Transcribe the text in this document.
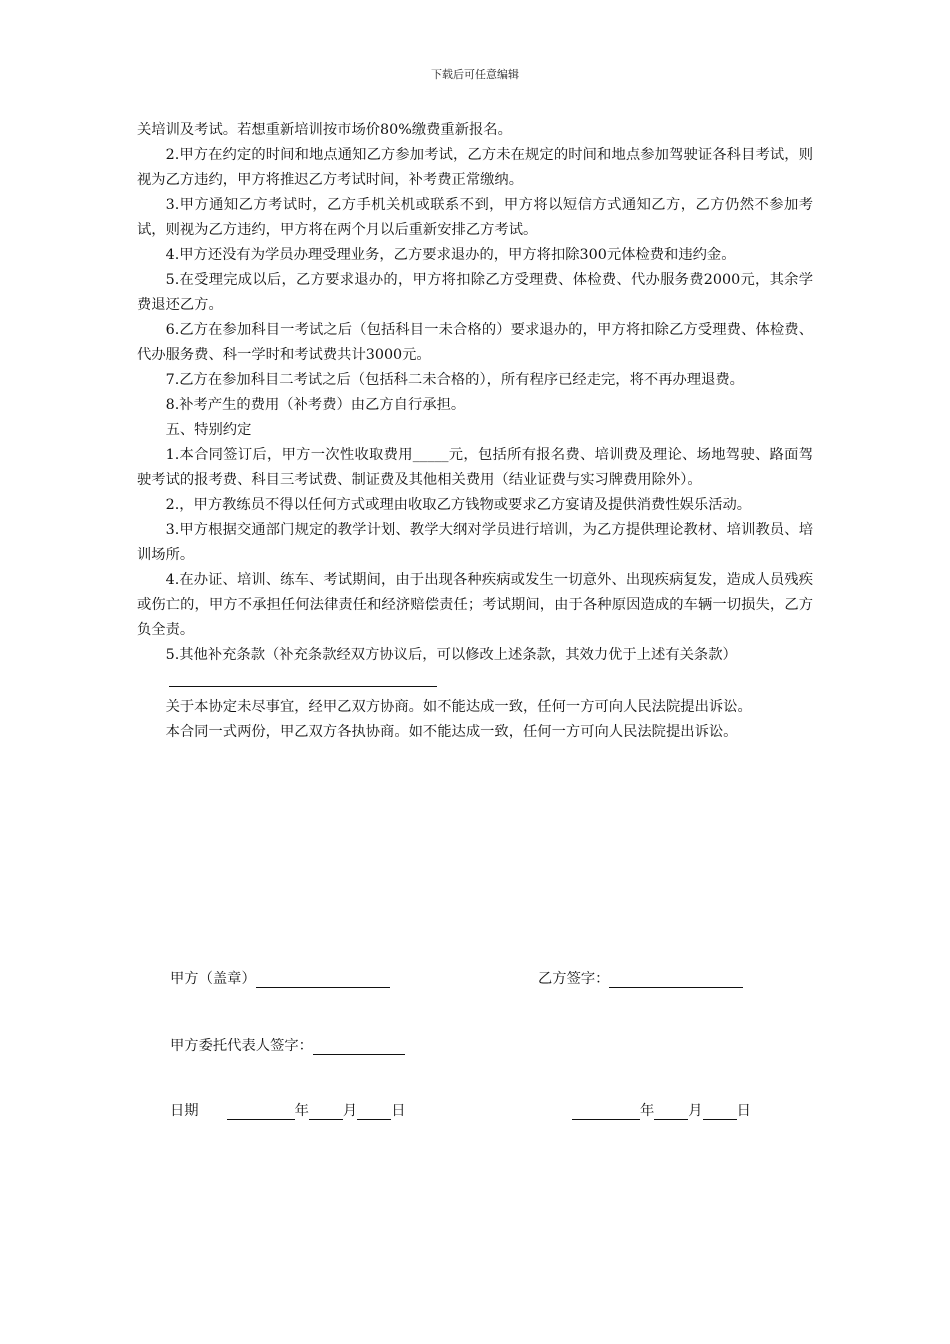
下载后可任意编辑

关培训及考试。若想重新培训按市场价80%缴费重新报名。

2.甲方在约定的时间和地点通知乙方参加考试，乙方未在规定的时间和地点参加驾驶证各科目考试，则视为乙方违约，甲方将推迟乙方考试时间，补考费正常缴纳。

3.甲方通知乙方考试时，乙方手机关机或联系不到，甲方将以短信方式通知乙方，乙方仍然不参加考试，则视为乙方违约，甲方将在两个月以后重新安排乙方考试。

4.甲方还没有为学员办理受理业务，乙方要求退办的，甲方将扣除300元体检费和违约金。

5.在受理完成以后，乙方要求退办的，甲方将扣除乙方受理费、体检费、代办服务费2000元，其余学费退还乙方。

6.乙方在参加科目一考试之后（包括科目一未合格的）要求退办的，甲方将扣除乙方受理费、体检费、代办服务费、科一学时和考试费共计3000元。

7.乙方在参加科目二考试之后（包括科二未合格的），所有程序已经走完，将不再办理退费。

8.补考产生的费用（补考费）由乙方自行承担。

五、特别约定

1.本合同签订后，甲方一次性收取费用_____元，包括所有报名费、培训费及理论、场地驾驶、路面驾驶考试的报考费、科目三考试费、制证费及其他相关费用（结业证费与实习牌费用除外）。

2.，甲方教练员不得以任何方式或理由收取乙方钱物或要求乙方宴请及提供消费性娱乐活动。

3.甲方根据交通部门规定的教学计划、教学大纲对学员进行培训，为乙方提供理论教材、培训教员、培训场所。

4.在办证、培训、练车、考试期间，由于出现各种疾病或发生一切意外、出现疾病复发，造成人员残疾或伤亡的，甲方不承担任何法律责任和经济赔偿责任；考试期间，由于各种原因造成的车辆一切损失，乙方负全责。

5.其他补充条款（补充条款经双方协议后，可以修改上述条款，其效力优于上述有关条款）

关于本协定未尽事宜，经甲乙双方协商。如不能达成一致，任何一方可向人民法院提出诉讼。

本合同一式两份，甲乙双方各执协商。如不能达成一致，任何一方可向人民法院提出诉讼。

甲方（盖章）	乙方签字：
甲方委托代表人签字：
日期	年 月 日	年 月 日
